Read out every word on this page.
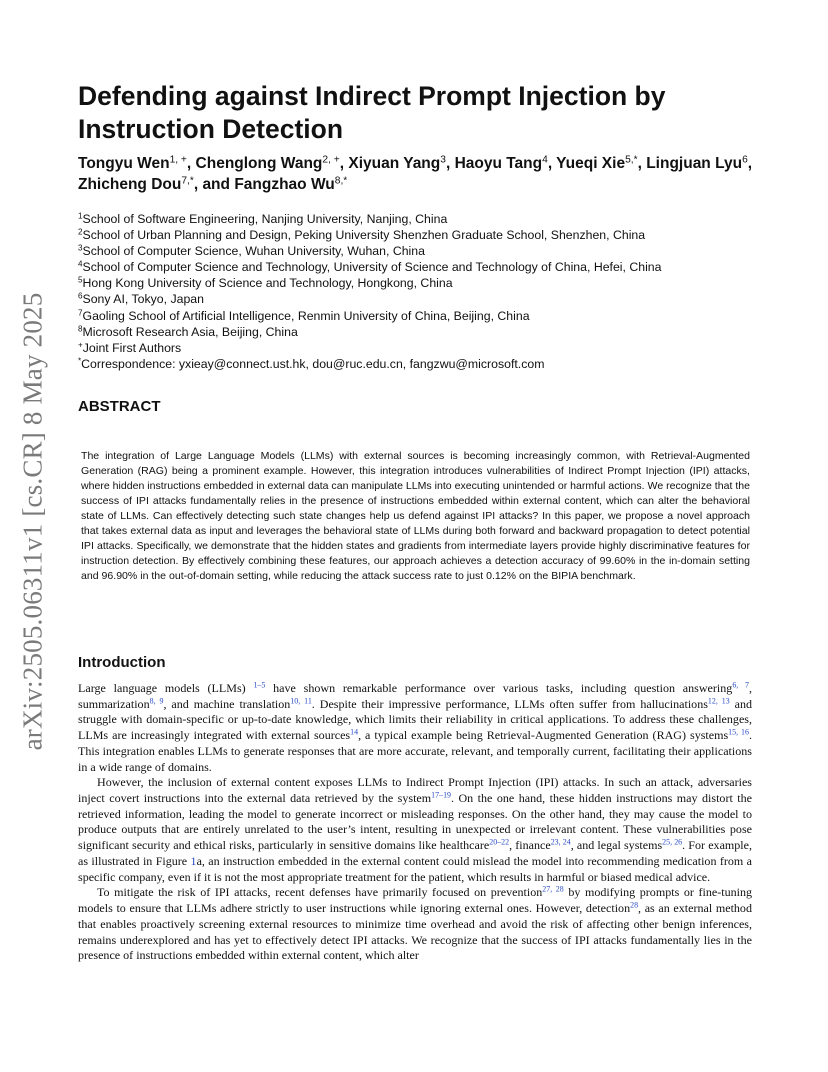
arXiv:2505.06311v1 [cs.CR] 8 May 2025
Defending against Indirect Prompt Injection by Instruction Detection
Tongyu Wen$^{1, +}$, Chenglong Wang$^{2, +}$, Xiyuan Yang$^3$, Haoyu Tang$^4$, Yueqi Xie$^{5,*}$, Lingjuan Lyu$^6$, Zhicheng Dou$^{7,*}$, and Fangzhao $Wu^{8,*}$
$^1$School of Software Engineering, Nanjing University, Nanjing, China
$^2$School of Urban Planning and Design, Peking University Shenzhen Graduate School, Shenzhen, China
$^3$School of Computer Science, Wuhan University, Wuhan, China
$^4$School of Computer Science and Technology, University of Science and Technology of China, Hefei, China
$^5$Hong Kong University of Science and Technology, Hongkong, China
$^6$Sony AI, Tokyo, Japan
$^7$Gaoling School of Artificial Intelligence, Renmin University of China, Beijing, China
$^8$Microsoft Research Asia, Beijing, China
+Joint First Authors
*Correspondence: yxieay@connect.ust.hk, dou@ruc.edu.cn, fangzwu@microsoft.com
ABSTRACT

The integration of Large Language Models (LLMs) with external sources is becoming increasingly common, with Retrieval-Augmented Generation (RAG) being a prominent example. However, this integration introduces vulnerabilities of Indirect Prompt Injection (IPI) attacks, where hidden instructions embedded in external data can manipulate LLMs into executing unintended or harmful actions. We recognize that the success of IPI attacks fundamentally relies in the presence of instructions embedded within external content, which can alter the behavioral state of LLMs. Can effectively detecting such state changes help us defend against IPI attacks? In this paper, we propose a novel approach that takes external data as input and leverages the behavioral state of LLMs during both forward and backward propagation to detect potential IPI attacks. Specifically, we demonstrate that the hidden states and gradients from intermediate layers provide highly discriminative features for instruction detection. By effectively combining these features, our approach achieves a detection accuracy of 99.60% in the in-domain setting and 96.90% in the out-of-domain setting, while reducing the attack success rate to just 0.12% on the BIPIA benchmark.

Introduction

Large language models (LLMs) $^{1-5}$ have shown remarkable performance over various tasks, including question answering$^{6, 7}$, summarization$^{8, 9}$, and machine translation$^{10, 11}$. Despite their impressive performance, LLMs often suffer from hallucinations$^{12, 13}$ and struggle with domain-specific or up-to-date knowledge, which limits their reliability in critical applications. To address these challenges, LLMs are increasingly integrated with external sources$^{14}$, a typical example being Retrieval-Augmented Generation (RAG) systems$^{15, 16}$. This integration enables LLMs to generate responses that are more accurate, relevant, and temporally current, facilitating their applications in a wide range of domains.

However, the inclusion of external content exposes LLMs to Indirect Prompt Injection (IPI) attacks. In such an attack, adversaries inject covert instructions into the external data retrieved by the system$^{17-19}$. On the one hand, these hidden instructions may distort the retrieved information, leading the model to generate incorrect or misleading responses. On the other hand, they may cause the model to produce outputs that are entirely unrelated to the user’s intent, resulting in unexpected or irrelevant content. These vulnerabilities pose significant security and ethical risks, particularly in sensitive domains like healthcare$^{20-22}$, finance$^{23, 24}$, and legal systems$^{25, 26}$. For example, as illustrated in Figure 1a, an instruction embedded in the external content could mislead the model into recommending medication from a specific company, even if it is not the most appropriate treatment for the patient, which results in harmful or biased medical advice.

To mitigate the risk of IPI attacks, recent defenses have primarily focused on prevention$^{27, 28}$ by modifying prompts or fine-tuning models to ensure that LLMs adhere strictly to user instructions while ignoring external ones. However, detection$^{28}$, as an external method that enables proactively screening external resources to minimize time overhead and avoid the risk of affecting other benign inferences, remains underexplored and has yet to effectively detect IPI attacks. We recognize that the success of IPI attacks fundamentally lies in the presence of instructions embedded within external content, which alter
